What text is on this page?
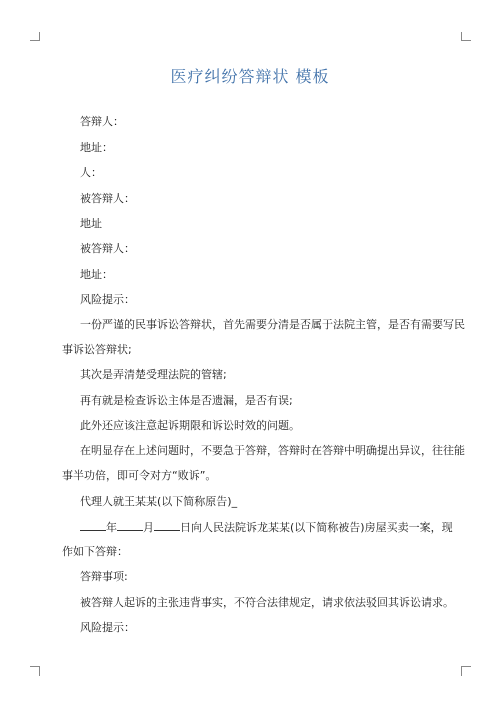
医疗纠纷答辩状 模板
答辩人：
地址：
人：
被答辩人：
地址
被答辩人：
地址：
风险提示：
一份严谨的民事诉讼答辩状，首先需要分清是否属于法院主管，是否有需要写民
事诉讼答辩状;
其次是弄清楚受理法院的管辖;
再有就是检查诉讼主体是否遗漏，是否有误;
此外还应该注意起诉期限和诉讼时效的问题。
在明显存在上述问题时，不要急于答辩，答辩时在答辩中明确提出异议，往往能
事半功倍，即可令对方“败诉”。
代理人就王某某(以下简称原告)_
年 月 日向人民法院诉龙某某(以下简称被告)房屋买卖一案，现
作如下答辩：
答辩事项:
被答辩人起诉的主张违背事实，不符合法律规定，请求依法驳回其诉讼请求。
风险提示：
